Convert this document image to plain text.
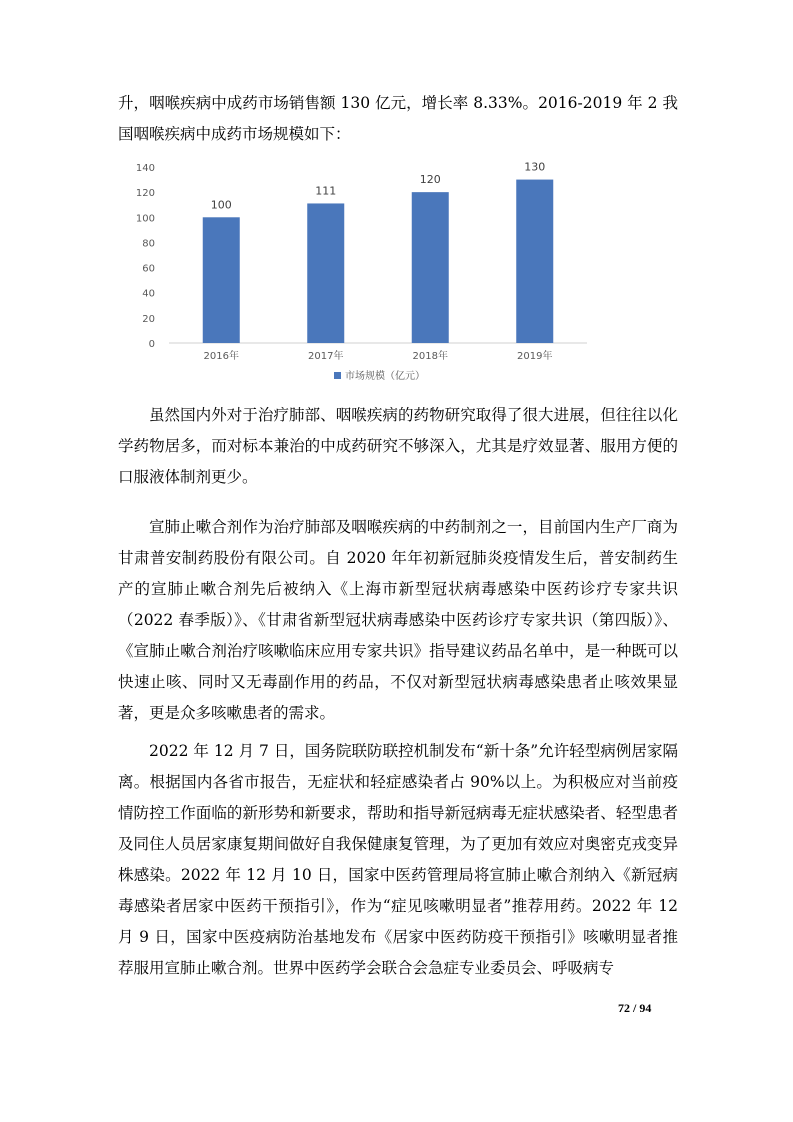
升，咽喉疾病中成药市场销售额 130 亿元，增长率 8.33%。2016-2019 年 2 我国咽喉疾病中成药市场规模如下：

0
20
40
60
80
100
120
140
100
2016年
111
2017年
120
2018年
130
2019年
市场规模（亿元）

虽然国内外对于治疗肺部、咽喉疾病的药物研究取得了很大进展，但往往以化学药物居多，而对标本兼治的中成药研究不够深入，尤其是疗效显著、服用方便的口服液体制剂更少。

宣肺止嗽合剂作为治疗肺部及咽喉疾病的中药制剂之一，目前国内生产厂商为甘肃普安制药股份有限公司。自 2020 年年初新冠肺炎疫情发生后，普安制药生产的宣肺止嗽合剂先后被纳入《上海市新型冠状病毒感染中医药诊疗专家共识（2022 春季版）》、《甘肃省新型冠状病毒感染中医药诊疗专家共识（第四版）》、《宣肺止嗽合剂治疗咳嗽临床应用专家共识》指导建议药品名单中，是一种既可以快速止咳、同时又无毒副作用的药品，不仅对新型冠状病毒感染患者止咳效果显著，更是众多咳嗽患者的需求。

2022 年 12 月 7 日，国务院联防联控机制发布“新十条”允许轻型病例居家隔离。根据国内各省市报告，无症状和轻症感染者占 90%以上。为积极应对当前疫情防控工作面临的新形势和新要求，帮助和指导新冠病毒无症状感染者、轻型患者及同住人员居家康复期间做好自我保健康复管理，为了更加有效应对奥密克戎变异株感染。2022 年 12 月 10 日，国家中医药管理局将宣肺止嗽合剂纳入《新冠病毒感染者居家中医药干预指引》，作为“症见咳嗽明显者”推荐用药。2022 年 12 月 9 日，国家中医疫病防治基地发布《居家中医药防疫干预指引》咳嗽明显者推荐服用宣肺止嗽合剂。世界中医药学会联合会急症专业委员会、呼吸病专

72 / 94
